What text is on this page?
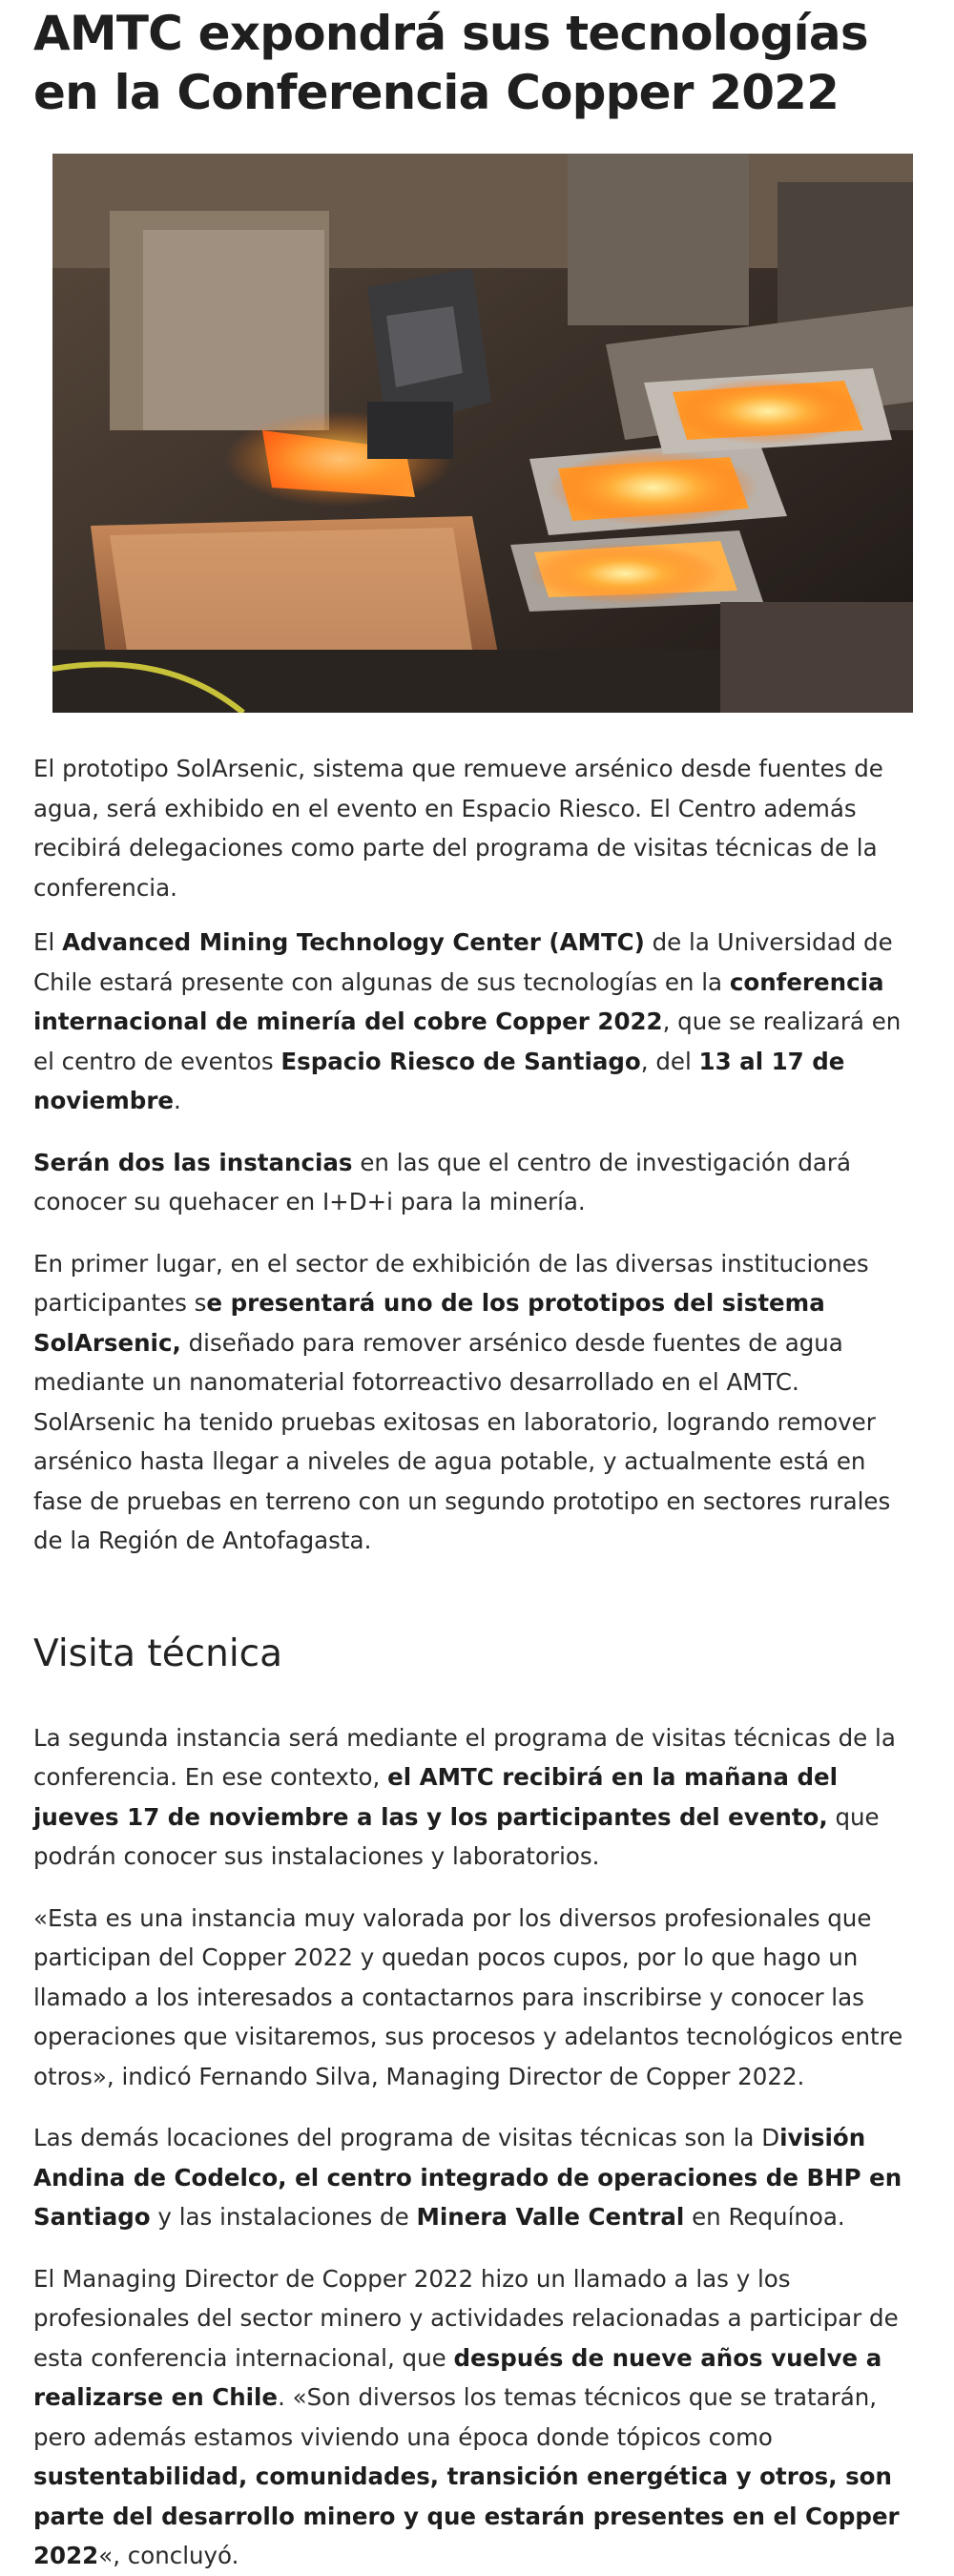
AMTC expondrá sus tecnologías en la Conferencia Copper 2022

El prototipo SolArsenic, sistema que remueve arsénico desde fuentes de agua, será exhibido en el evento en Espacio Riesco. El Centro además recibirá delegaciones como parte del programa de visitas técnicas de la conferencia.

El Advanced Mining Technology Center (AMTC) de la Universidad de Chile estará presente con algunas de sus tecnologías en la conferencia internacional de minería del cobre Copper 2022, que se realizará en el centro de eventos Espacio Riesco de Santiago, del 13 al 17 de noviembre.

Serán dos las instancias en las que el centro de investigación dará conocer su quehacer en I+D+i para la minería.

En primer lugar, en el sector de exhibición de las diversas instituciones participantes se presentará uno de los prototipos del sistema SolArsenic, diseñado para remover arsénico desde fuentes de agua mediante un nanomaterial fotorreactivo desarrollado en el AMTC. SolArsenic ha tenido pruebas exitosas en laboratorio, logrando remover arsénico hasta llegar a niveles de agua potable, y actualmente está en fase de pruebas en terreno con un segundo prototipo en sectores rurales de la Región de Antofagasta.

Visita técnica

La segunda instancia será mediante el programa de visitas técnicas de la conferencia. En ese contexto, el AMTC recibirá en la mañana del jueves 17 de noviembre a las y los participantes del evento, que podrán conocer sus instalaciones y laboratorios.

«Esta es una instancia muy valorada por los diversos profesionales que participan del Copper 2022 y quedan pocos cupos, por lo que hago un llamado a los interesados a contactarnos para inscribirse y conocer las operaciones que visitaremos, sus procesos y adelantos tecnológicos entre otros», indicó Fernando Silva, Managing Director de Copper 2022.

Las demás locaciones del programa de visitas técnicas son la División Andina de Codelco, el centro integrado de operaciones de BHP en Santiago y las instalaciones de Minera Valle Central en Requínoa.

El Managing Director de Copper 2022 hizo un llamado a las y los profesionales del sector minero y actividades relacionadas a participar de esta conferencia internacional, que después de nueve años vuelve a realizarse en Chile. «Son diversos los temas técnicos que se tratarán, pero además estamos viviendo una época donde tópicos como sustentabilidad, comunidades, transición energética y otros, son parte del desarrollo minero y que estarán presentes en el Copper 2022«, concluyó.
